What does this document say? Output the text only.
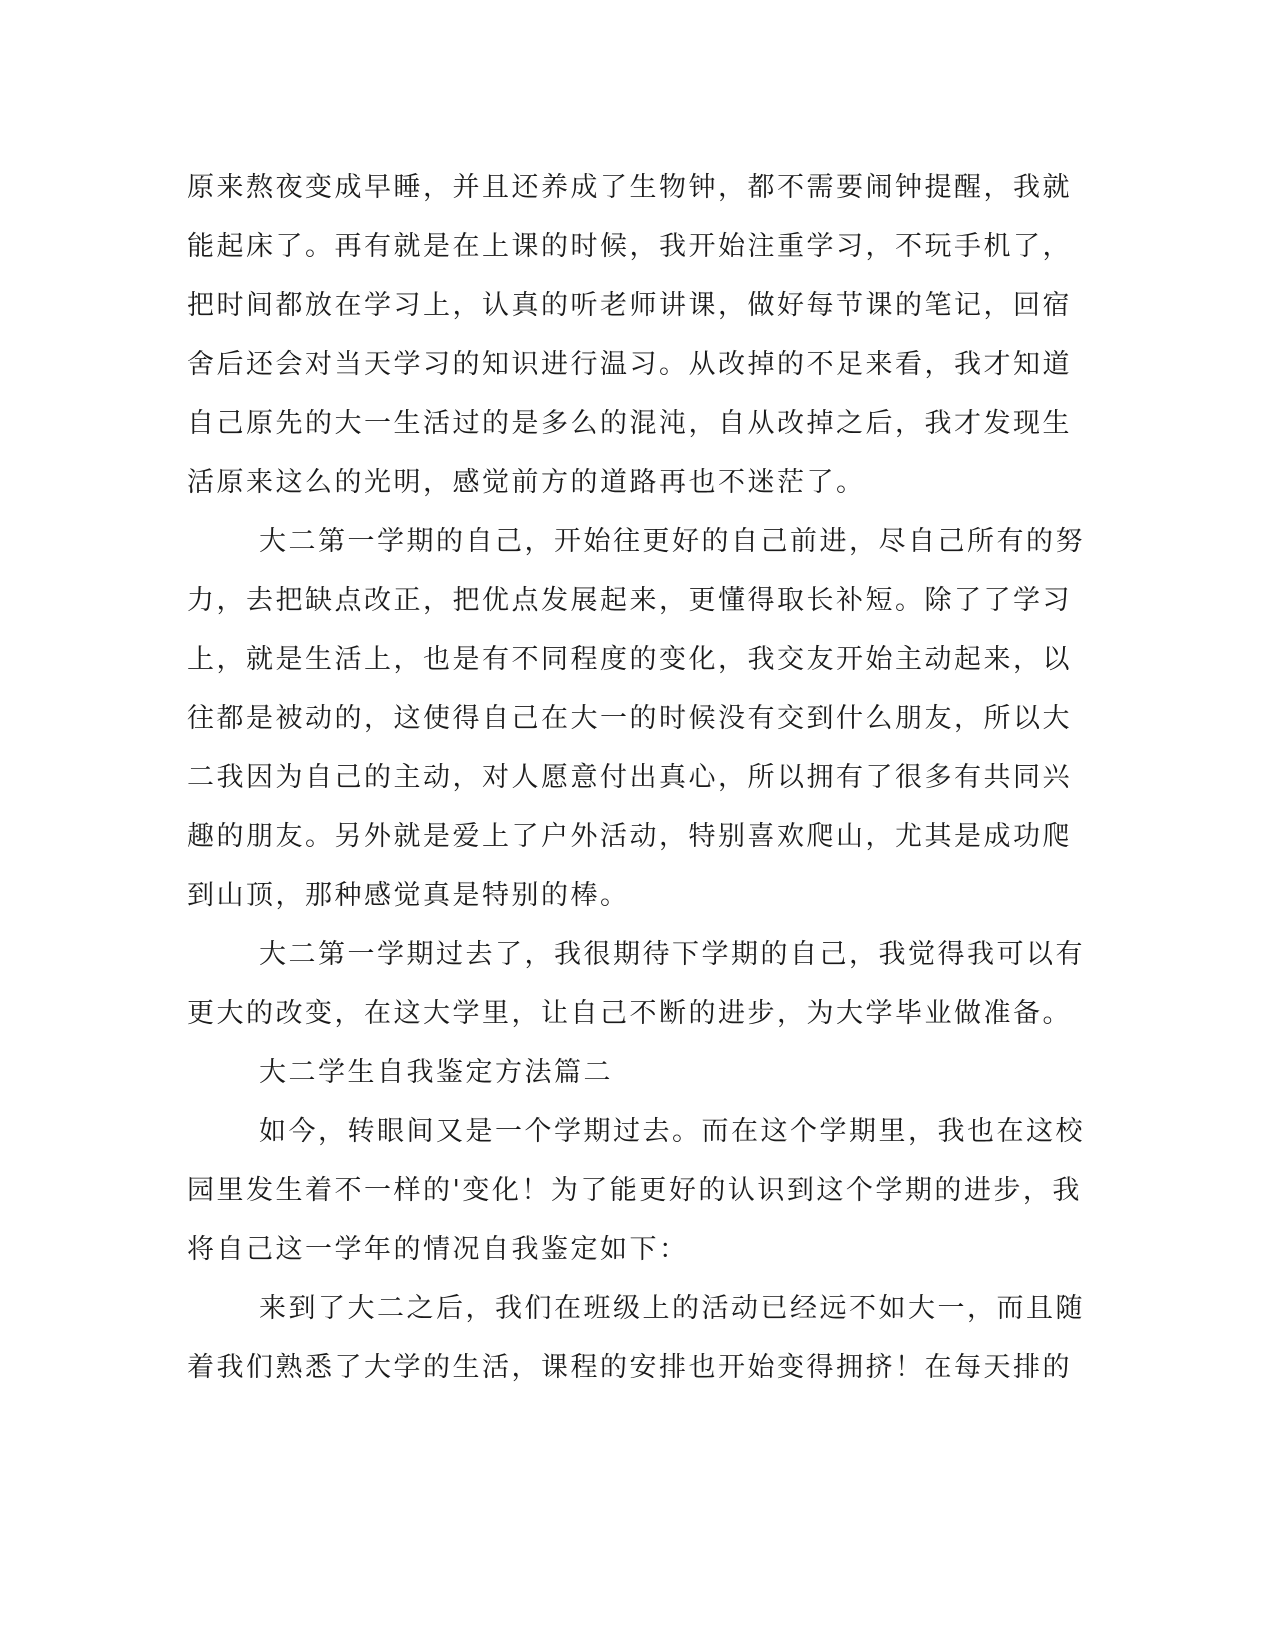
原来熬夜变成早睡，并且还养成了生物钟，都不需要闹钟提醒，我就
能起床了。再有就是在上课的时候，我开始注重学习，不玩手机了，
把时间都放在学习上，认真的听老师讲课，做好每节课的笔记，回宿
舍后还会对当天学习的知识进行温习。从改掉的不足来看，我才知道
自己原先的大一生活过的是多么的混沌，自从改掉之后，我才发现生
活原来这么的光明，感觉前方的道路再也不迷茫了。
大二第一学期的自己，开始往更好的自己前进，尽自己所有的努
力，去把缺点改正，把优点发展起来，更懂得取长补短。除了了学习
上，就是生活上，也是有不同程度的变化，我交友开始主动起来，以
往都是被动的，这使得自己在大一的时候没有交到什么朋友，所以大
二我因为自己的主动，对人愿意付出真心，所以拥有了很多有共同兴
趣的朋友。另外就是爱上了户外活动，特别喜欢爬山，尤其是成功爬
到山顶，那种感觉真是特别的棒。
大二第一学期过去了，我很期待下学期的自己，我觉得我可以有
更大的改变，在这大学里，让自己不断的进步，为大学毕业做准备。
大二学生自我鉴定方法篇二
如今，转眼间又是一个学期过去。而在这个学期里，我也在这校
园里发生着不一样的'变化！为了能更好的认识到这个学期的进步，我
将自己这一学年的情况自我鉴定如下：
来到了大二之后，我们在班级上的活动已经远不如大一，而且随
着我们熟悉了大学的生活，课程的安排也开始变得拥挤！在每天排的
